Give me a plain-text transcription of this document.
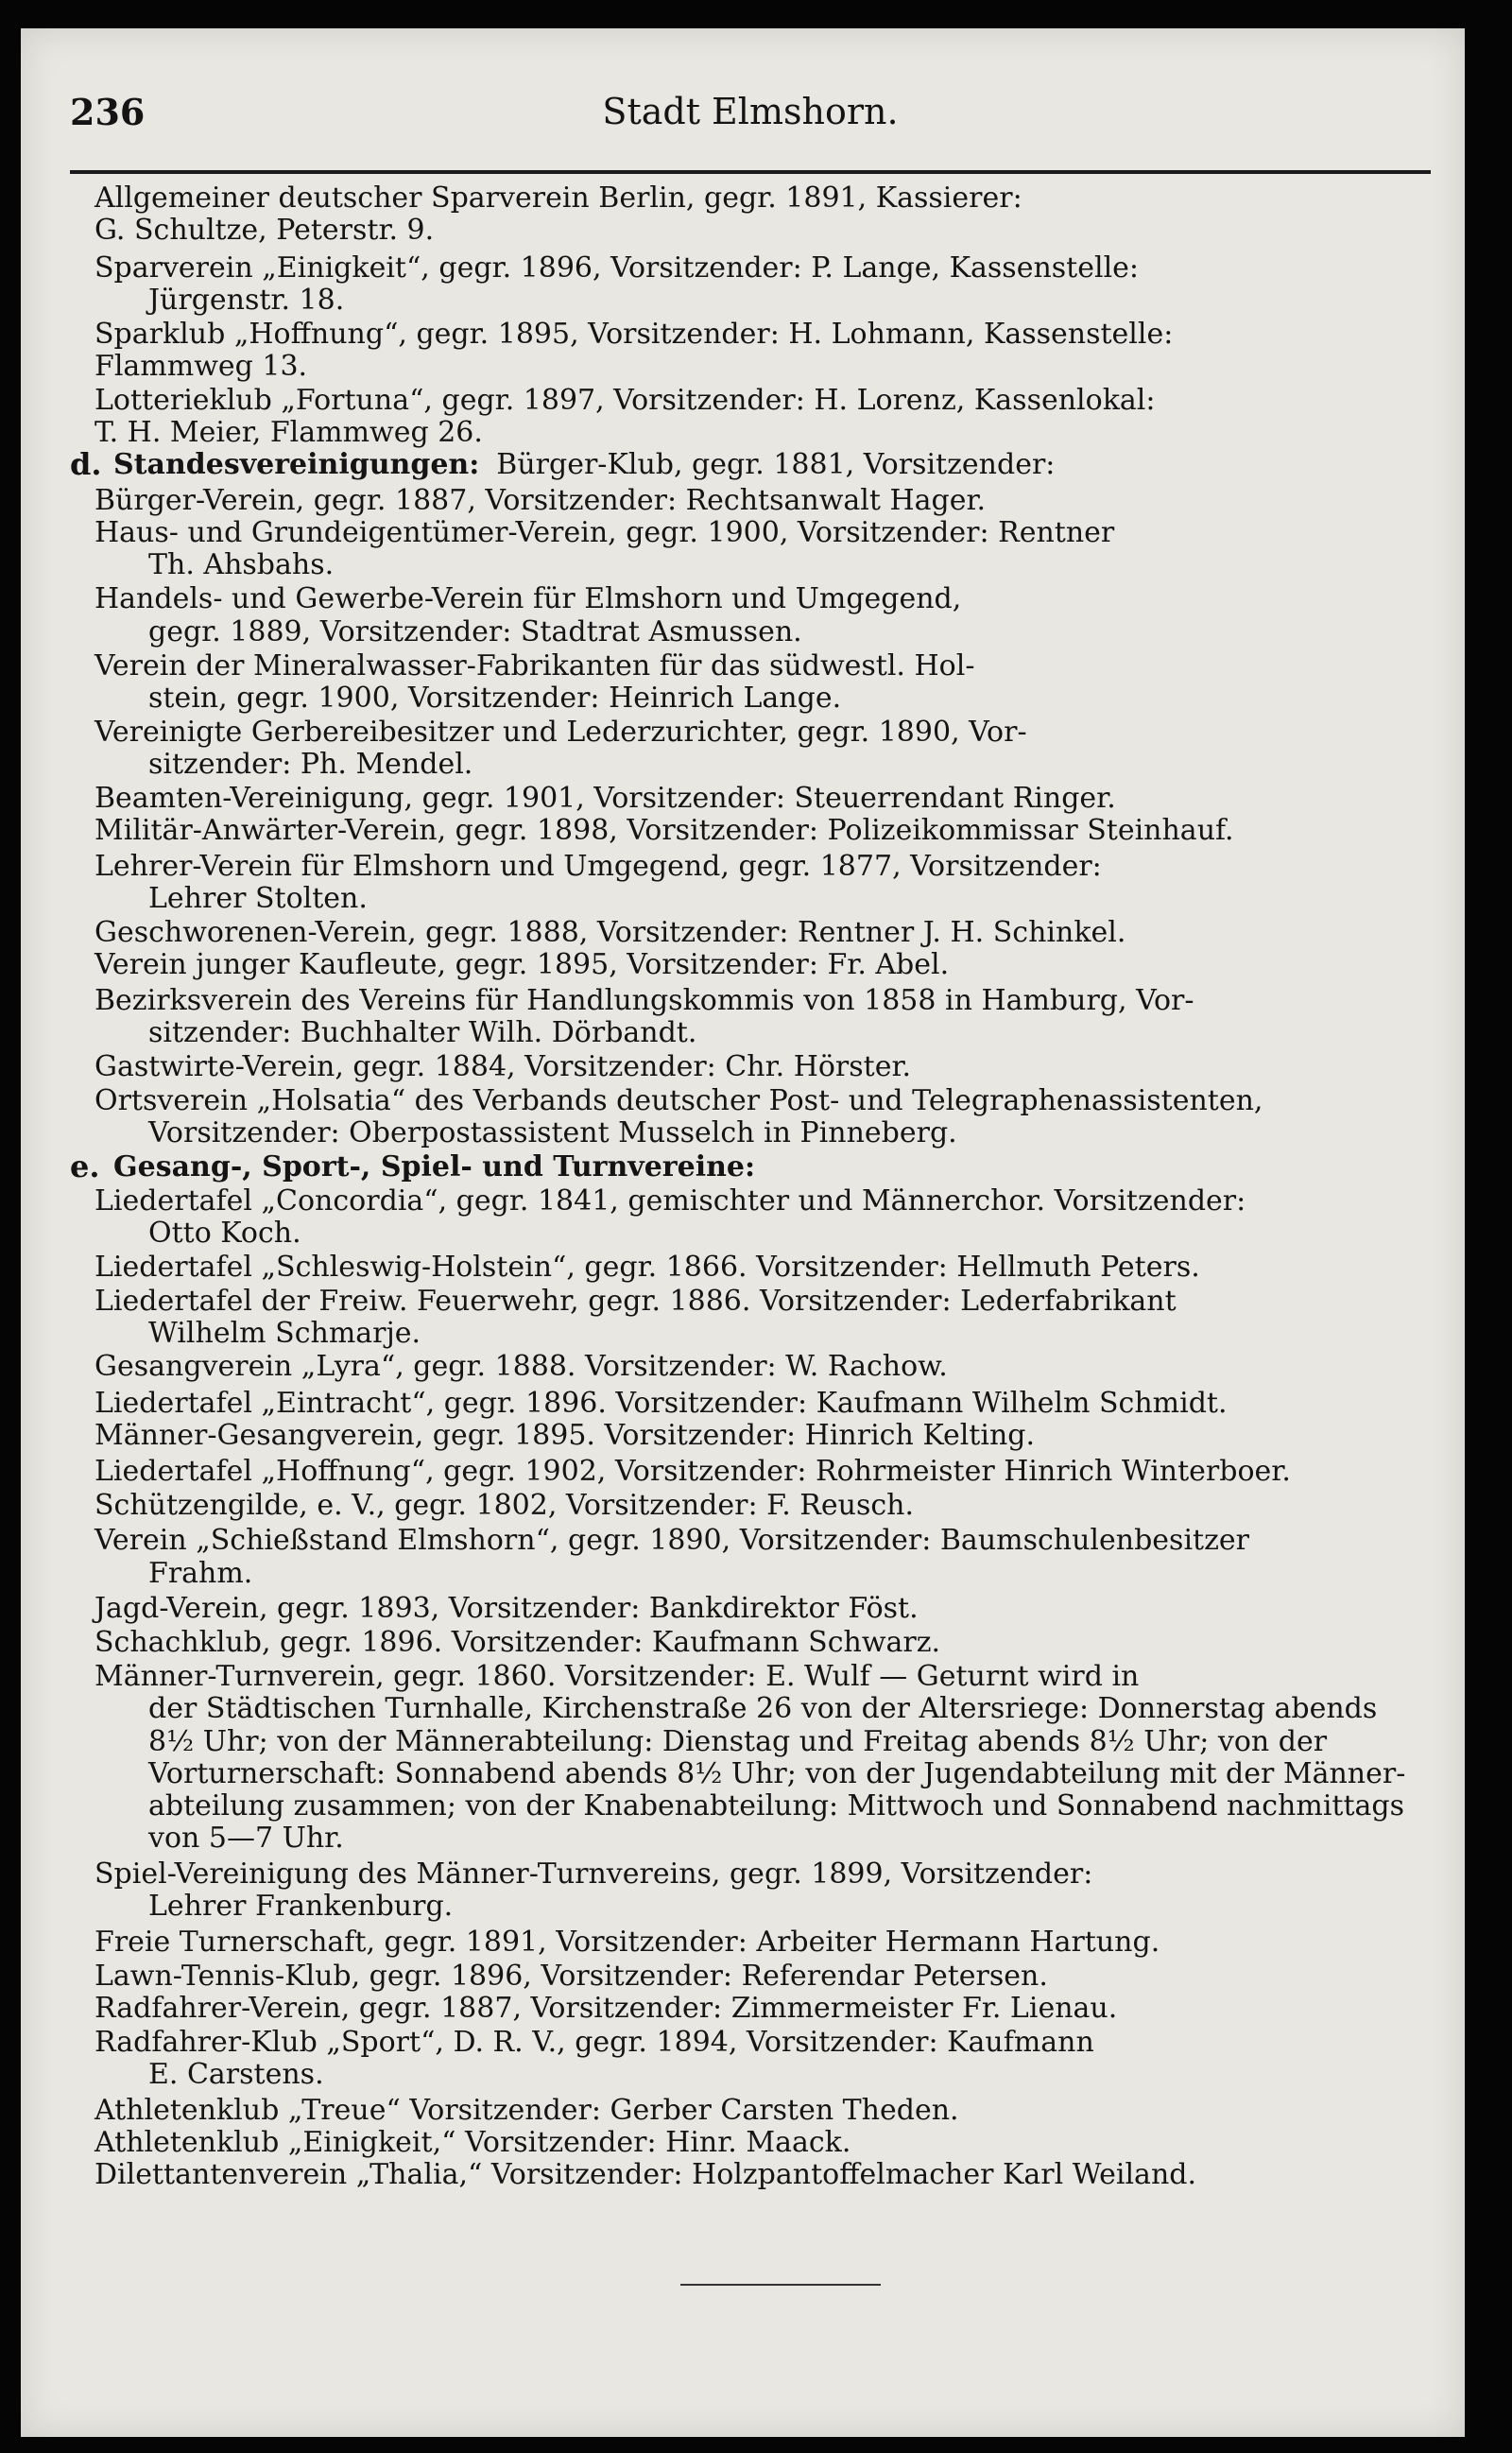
236	Stadt Elmshorn.
Allgemeiner deutscher Sparverein Berlin, gegr. 1891, Kassierer:
G. Schultze, Peterstr. 9.
Sparverein „Einigkeit“, gegr. 1896, Vorsitzender: P. Lange, Kassenstelle:
Jürgenstr. 18.
Sparklub „Hoffnung“, gegr. 1895, Vorsitzender: H. Lohmann, Kassenstelle:
Flammweg 13.
Lotterieklub „Fortuna“, gegr. 1897, Vorsitzender: H. Lorenz, Kassenlokal:
T. H. Meier, Flammweg 26.
d. Standesvereinigungen: Bürger-Klub, gegr. 1881, Vorsitzender:
Bürger-Verein, gegr. 1887, Vorsitzender: Rechtsanwalt Hager.
Haus- und Grundeigentümer-Verein, gegr. 1900, Vorsitzender: Rentner
Th. Ahsbahs.
Handels- und Gewerbe-Verein für Elmshorn und Umgegend,
gegr. 1889, Vorsitzender: Stadtrat Asmussen.
Verein der Mineralwasser-Fabrikanten für das südwestl. Hol-
stein, gegr. 1900, Vorsitzender: Heinrich Lange.
Vereinigte Gerbereibesitzer und Lederzurichter, gegr. 1890, Vor-
sitzender: Ph. Mendel.
Beamten-Vereinigung, gegr. 1901, Vorsitzender: Steuerrendant Ringer.
Militär-Anwärter-Verein, gegr. 1898, Vorsitzender: Polizeikommissar Steinhauf.
Lehrer-Verein für Elmshorn und Umgegend, gegr. 1877, Vorsitzender:
Lehrer Stolten.
Geschworenen-Verein, gegr. 1888, Vorsitzender: Rentner J. H. Schinkel.
Verein junger Kaufleute, gegr. 1895, Vorsitzender: Fr. Abel.
Bezirksverein des Vereins für Handlungskommis von 1858 in Hamburg, Vor-
sitzender: Buchhalter Wilh. Dörbandt.
Gastwirte-Verein, gegr. 1884, Vorsitzender: Chr. Hörster.
Ortsverein „Holsatia“ des Verbands deutscher Post- und Telegraphenassistenten,
Vorsitzender: Oberpostassistent Musselch in Pinneberg.
e. Gesang-, Sport-, Spiel- und Turnvereine:
Liedertafel „Concordia“, gegr. 1841, gemischter und Männerchor. Vorsitzender:
Otto Koch.
Liedertafel „Schleswig-Holstein“, gegr. 1866. Vorsitzender: Hellmuth Peters.
Liedertafel der Freiw. Feuerwehr, gegr. 1886. Vorsitzender: Lederfabrikant
Wilhelm Schmarje.
Gesangverein „Lyra“, gegr. 1888. Vorsitzender: W. Rachow.
Liedertafel „Eintracht“, gegr. 1896. Vorsitzender: Kaufmann Wilhelm Schmidt.
Männer-Gesangverein, gegr. 1895. Vorsitzender: Hinrich Kelting.
Liedertafel „Hoffnung“, gegr. 1902, Vorsitzender: Rohrmeister Hinrich Winterboer.
Schützengilde, e. V., gegr. 1802, Vorsitzender: F. Reusch.
Verein „Schießstand Elmshorn“, gegr. 1890, Vorsitzender: Baumschulenbesitzer
Frahm.
Jagd-Verein, gegr. 1893, Vorsitzender: Bankdirektor Föst.
Schachklub, gegr. 1896. Vorsitzender: Kaufmann Schwarz.
Männer-Turnverein, gegr. 1860. Vorsitzender: E. Wulf — Geturnt wird in
der Städtischen Turnhalle, Kirchenstraße 26 von der Altersriege: Donnerstag abends
8½ Uhr; von der Männerabteilung: Dienstag und Freitag abends 8½ Uhr; von der
Vorturnerschaft: Sonnabend abends 8½ Uhr; von der Jugendabteilung mit der Männer-
abteilung zusammen; von der Knabenabteilung: Mittwoch und Sonnabend nachmittags
von 5—7 Uhr.
Spiel-Vereinigung des Männer-Turnvereins, gegr. 1899, Vorsitzender:
Lehrer Frankenburg.
Freie Turnerschaft, gegr. 1891, Vorsitzender: Arbeiter Hermann Hartung.
Lawn-Tennis-Klub, gegr. 1896, Vorsitzender: Referendar Petersen.
Radfahrer-Verein, gegr. 1887, Vorsitzender: Zimmermeister Fr. Lienau.
Radfahrer-Klub „Sport“, D. R. V., gegr. 1894, Vorsitzender: Kaufmann
E. Carstens.
Athletenklub „Treue“ Vorsitzender: Gerber Carsten Theden.
Athletenklub „Einigkeit,“ Vorsitzender: Hinr. Maack.
Dilettantenverein „Thalia,“ Vorsitzender: Holzpantoffelmacher Karl Weiland.
